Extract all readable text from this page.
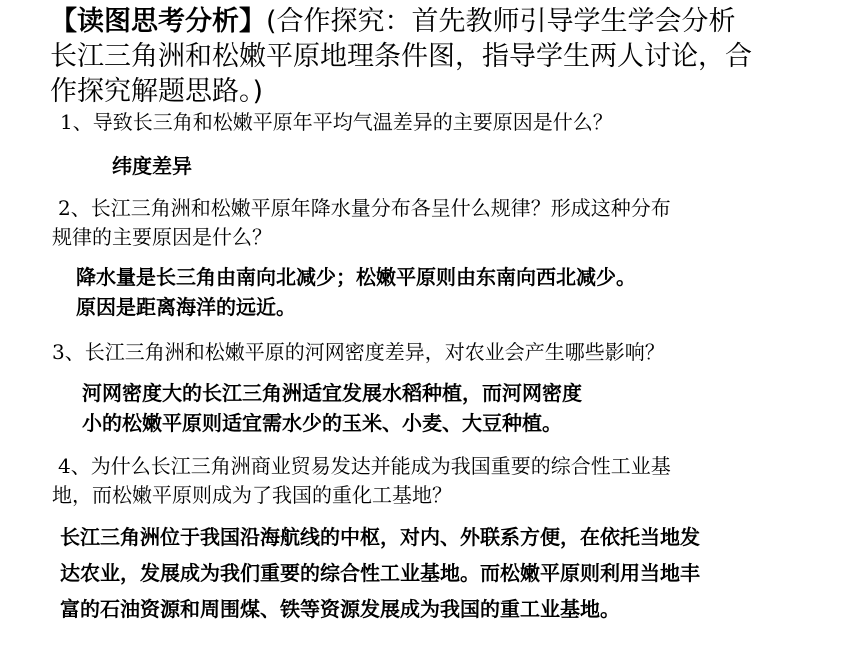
【读图思考分析】(合作探究：首先教师引导学生学会分析
长江三角洲和松嫩平原地理条件图，指导学生两人讨论，合
作探究解题思路。)
1、导致长三角和松嫩平原年平均气温差异的主要原因是什么？
纬度差异
2、长江三角洲和松嫩平原年降水量分布各呈什么规律？形成这种分布
规律的主要原因是什么？
降水量是长三角由南向北减少；松嫩平原则由东南向西北减少。
原因是距离海洋的远近。
3、长江三角洲和松嫩平原的河网密度差异，对农业会产生哪些影响？
河网密度大的长江三角洲适宜发展水稻种植，而河网密度
小的松嫩平原则适宜需水少的玉米、小麦、大豆种植。
4、为什么长江三角洲商业贸易发达并能成为我国重要的综合性工业基
地，而松嫩平原则成为了我国的重化工基地？
长江三角洲位于我国沿海航线的中枢，对内、外联系方便，在依托当地发
达农业，发展成为我们重要的综合性工业基地。而松嫩平原则利用当地丰
富的石油资源和周围煤、铁等资源发展成为我国的重工业基地。
